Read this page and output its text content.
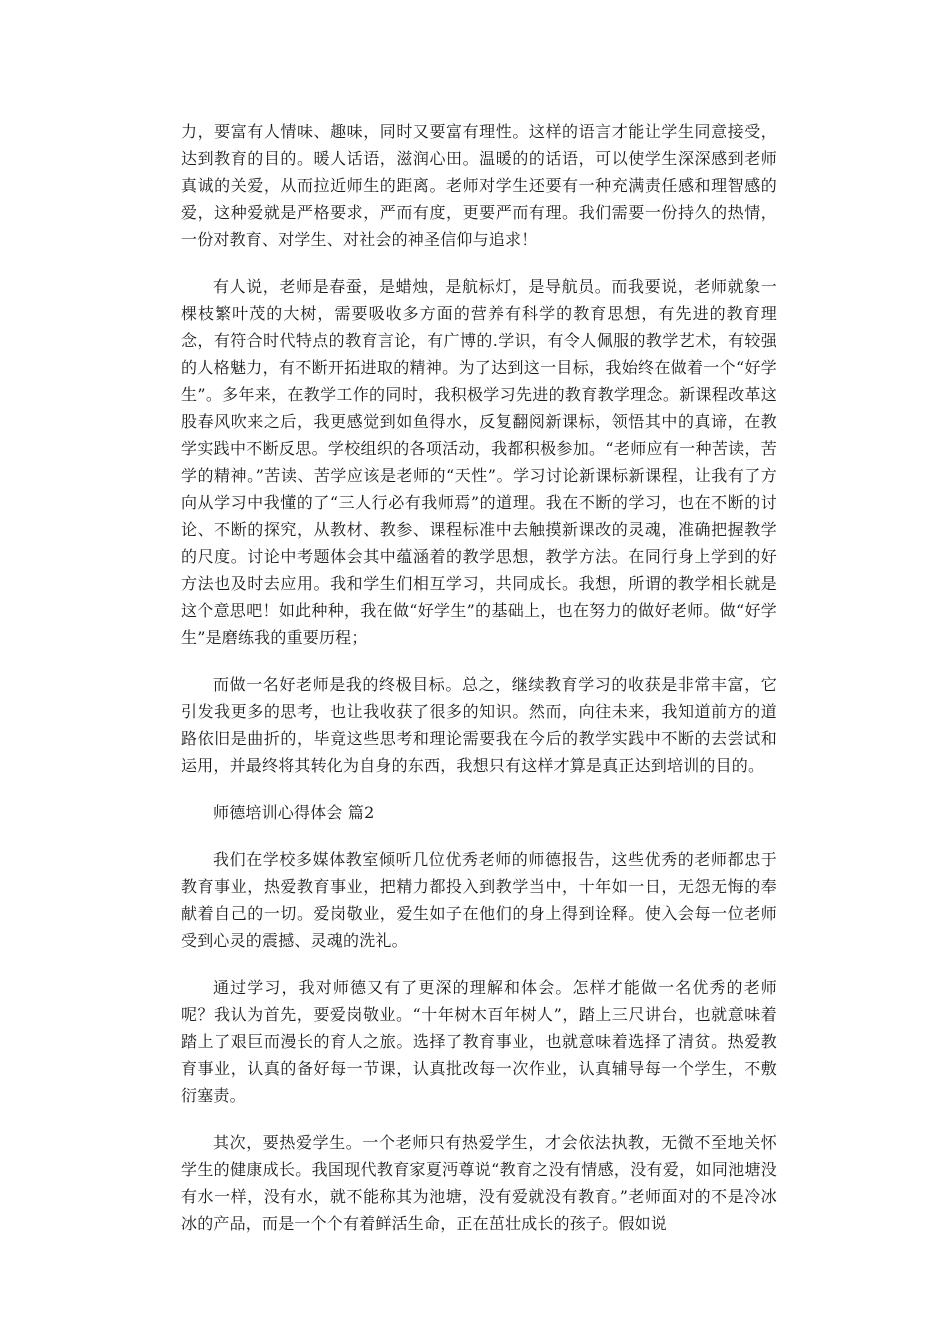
力，要富有人情味、趣味，同时又要富有理性。这样的语言才能让学生同意接受，达到教育的目的。暖人话语，滋润心田。温暖的的话语，可以使学生深深感到老师真诚的关爱，从而拉近师生的距离。老师对学生还要有一种充满责任感和理智感的爱，这种爱就是严格要求，严而有度，更要严而有理。我们需要一份持久的热情，一份对教育、对学生、对社会的神圣信仰与追求！

有人说，老师是春蚕，是蜡烛，是航标灯，是导航员。而我要说，老师就象一棵枝繁叶茂的大树，需要吸收多方面的营养有科学的教育思想，有先进的教育理念，有符合时代特点的教育言论，有广博的.学识，有令人佩服的教学艺术，有较强的人格魅力，有不断开拓进取的精神。为了达到这一目标，我始终在做着一个“好学生”。多年来，在教学工作的同时，我积极学习先进的教育教学理念。新课程改革这股春风吹来之后，我更感觉到如鱼得水，反复翻阅新课标，领悟其中的真谛，在教学实践中不断反思。学校组织的各项活动，我都积极参加。“老师应有一种苦读，苦学的精神。”苦读、苦学应该是老师的“天性”。学习讨论新课标新课程，让我有了方向从学习中我懂的了“三人行必有我师焉”的道理。我在不断的学习，也在不断的讨论、不断的探究，从教材、教参、课程标准中去触摸新课改的灵魂，准确把握教学的尺度。讨论中考题体会其中蕴涵着的教学思想，教学方法。在同行身上学到的好方法也及时去应用。我和学生们相互学习，共同成长。我想，所谓的教学相长就是这个意思吧！如此种种，我在做“好学生”的基础上，也在努力的做好老师。做“好学生”是磨练我的重要历程；

而做一名好老师是我的终极目标。总之，继续教育学习的收获是非常丰富，它引发我更多的思考，也让我收获了很多的知识。然而，向往未来，我知道前方的道路依旧是曲折的，毕竟这些思考和理论需要我在今后的教学实践中不断的去尝试和运用，并最终将其转化为自身的东西，我想只有这样才算是真正达到培训的目的。

师德培训心得体会 篇2

我们在学校多媒体教室倾听几位优秀老师的师德报告，这些优秀的老师都忠于教育事业，热爱教育事业，把精力都投入到教学当中，十年如一日，无怨无悔的奉献着自己的一切。爱岗敬业，爱生如子在他们的身上得到诠释。使入会每一位老师受到心灵的震撼、灵魂的洗礼。

通过学习，我对师德又有了更深的理解和体会。怎样才能做一名优秀的老师呢？我认为首先，要爱岗敬业。“十年树木百年树人”，踏上三尺讲台，也就意味着踏上了艰巨而漫长的育人之旅。选择了教育事业，也就意味着选择了清贫。热爱教育事业，认真的备好每一节课，认真批改每一次作业，认真辅导每一个学生，不敷衍塞责。

其次，要热爱学生。一个老师只有热爱学生，才会依法执教，无微不至地关怀学生的健康成长。我国现代教育家夏沔尊说“教育之没有情感，没有爱，如同池塘没有水一样，没有水，就不能称其为池塘，没有爱就没有教育。”老师面对的不是冷冰冰的产品，而是一个个有着鲜活生命，正在茁壮成长的孩子。假如说
